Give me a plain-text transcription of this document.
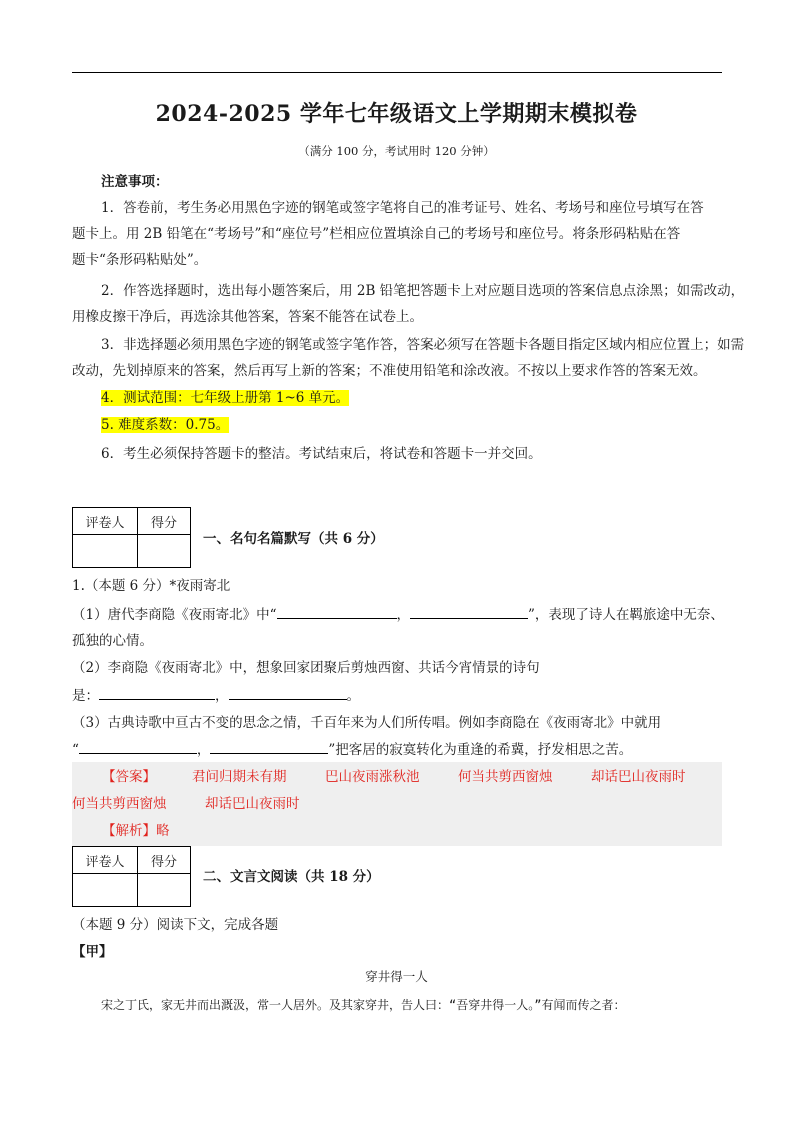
2024-2025 学年七年级语文上学期期末模拟卷
（满分 100 分，考试用时 120 分钟）
注意事项：
1．答卷前，考生务必用黑色字迹的钢笔或签字笔将自己的准考证号、姓名、考场号和座位号填写在答
题卡上。用 2B 铅笔在“考场号”和“座位号”栏相应位置填涂自己的考场号和座位号。将条形码粘贴在答
题卡“条形码粘贴处”。
2．作答选择题时，选出每小题答案后，用 2B 铅笔把答题卡上对应题目选项的答案信息点涂黑；如需改动，
用橡皮擦干净后，再选涂其他答案，答案不能答在试卷上。
3．非选择题必须用黑色字迹的钢笔或签字笔作答，答案必须写在答题卡各题目指定区域内相应位置上；如需
改动，先划掉原来的答案，然后再写上新的答案；不准使用铅笔和涂改液。不按以上要求作答的答案无效。
4．测试范围：七年级上册第 1~6 单元。
5. 难度系数：0.75。
6．考生必须保持答题卡的整洁。考试结束后，将试卷和答题卡一并交回。
评卷人	得分

一、名句名篇默写（共 6 分）
1.（本题 6 分）*夜雨寄北
（1）唐代李商隐《夜雨寄北》中“	，	”，表现了诗人在羁旅途中无奈、
孤独的心情。
（2）李商隐《夜雨寄北》中，想象回家团聚后剪烛西窗、共话今宵情景的诗句
是：	，	。
（3）古典诗歌中亘古不变的思念之情，千百年来为人们所传唱。例如李商隐在《夜雨寄北》中就用
“	，	”把客居的寂寞转化为重逢的希冀，抒发相思之苦。
【答案】	君问归期未有期	巴山夜雨涨秋池	何当共剪西窗烛	却话巴山夜雨时
何当共剪西窗烛	却话巴山夜雨时
【解析】略
评卷人	得分

二、文言文阅读（共 18 分）
（本题 9 分）阅读下文，完成各题
【甲】
穿井得一人
宋之丁氏，家无井而出溉汲，常一人居外。及其家穿井，告人曰：“吾穿井得一人。”有闻而传之者：
